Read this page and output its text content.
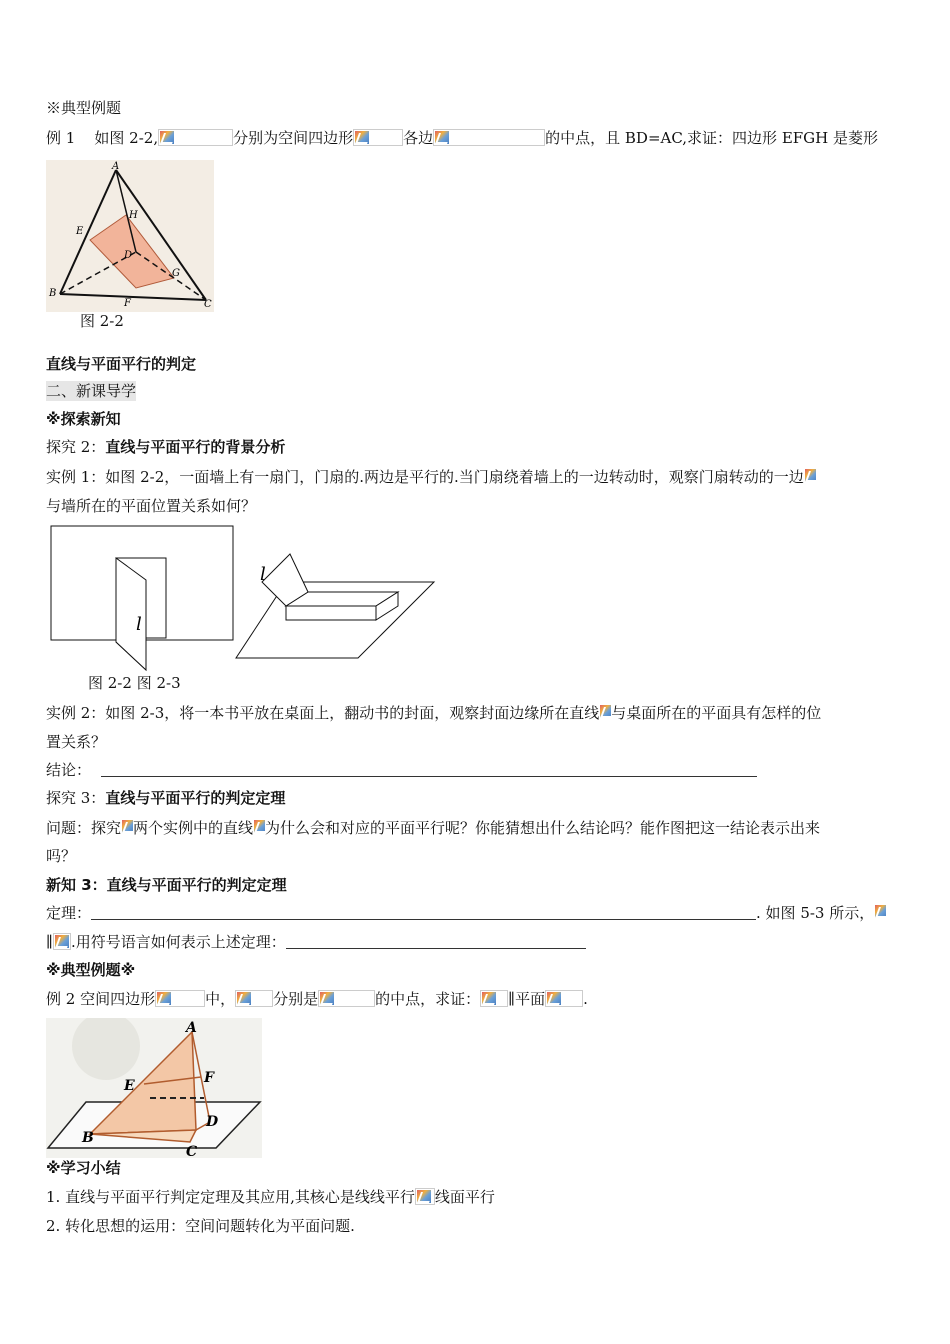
※典型例题
例 1 如图 2-2,	分别为空间四边形	各边	的中点，且 BD=AC,求证：四边形 EFGH 是菱形
A
B
C
D
E
F
G
H
图 2-2
直线与平面平行的判定
二、新课导学
※探索新知
探究 2：直线与平面平行的背景分析
实例 1：如图 2-2，一面墙上有一扇门，门扇的.两边是平行的.当门扇绕着墙上的一边转动时，观察门扇转动的一边
与墙所在的平面位置关系如何？
l
l
图 2-2 图 2-3
实例 2：如图 2-3，将一本书平放在桌面上，翻动书的封面，观察封面边缘所在直线 与桌面所在的平面具有怎样的位
置关系？
结论：
探究 3：直线与平面平行的判定定理
问题：探究 两个实例中的直线 为什么会和对应的平面平行呢？你能猜想出什么结论吗？能作图把这一结论表示出来
吗？
新知 3：直线与平面平行的判定定理
定理：	. 如图 5-3 所示，
∥ .用符号语言如何表示上述定理：
※典型例题※
例 2 空间四边形	中，	分别是	的中点，求证： ∥平面	.
A
B
C
D
E	F
※学习小结
1. 直线与平面平行判定定理及其应用,其核心是线线平行 线面平行
2. 转化思想的运用：空间问题转化为平面问题.
